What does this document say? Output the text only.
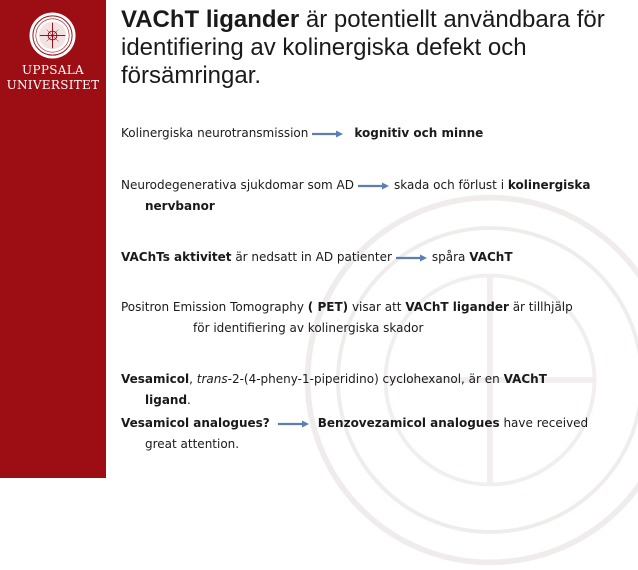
UPPSALA
UNIVERSITET
VAChT ligander är potentiellt användbara för identifiering av kolinergiska defekt och försämringar.
Kolinergiska neurotransmission	kognitiv och minne
Neurodegenerativa sjukdomar som AD	skada och förlust i kolinergiska
nervbanor
VAChTs aktivitet är nedsatt in AD patienter	spåra VAChT
Positron Emission Tomography ( PET) visar att VAChT ligander är tillhjälp
för identifiering av kolinergiska skador
Vesamicol, trans-2-(4-pheny-1-piperidino) cyclohexanol, är en VAChT
ligand.
Vesamicol analogues?	Benzovezamicol analogues have received
great attention.
